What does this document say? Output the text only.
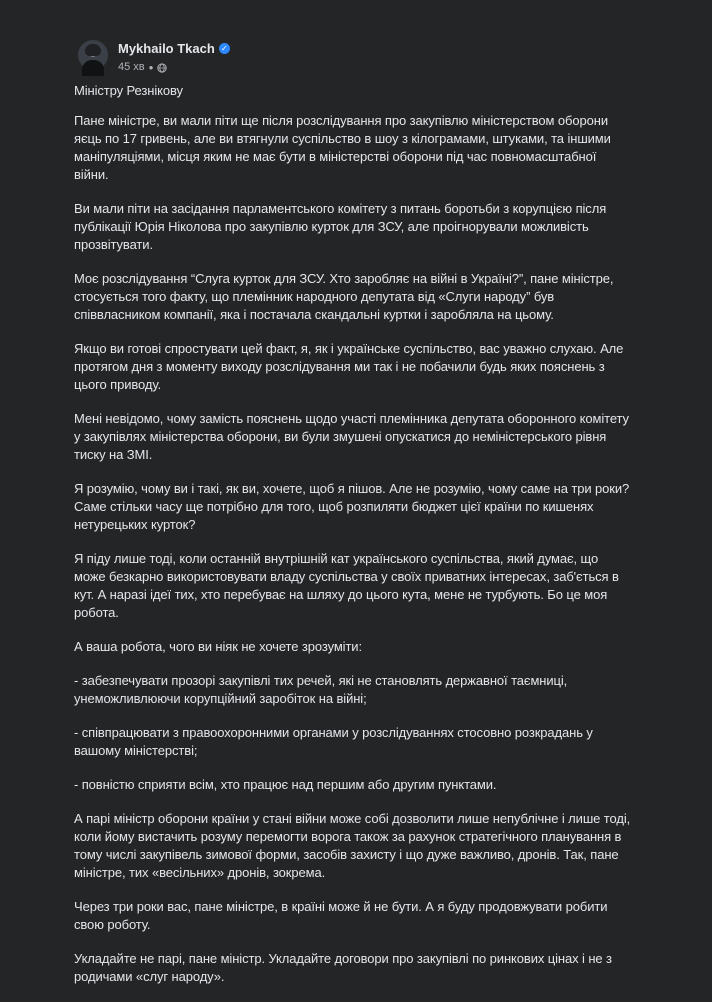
Mykhailo Tkach ✓
45 хв ●

Міністру Резнікову

Пане міністре, ви мали піти ще після розслідування про закупівлю міністерством оборони яєць по 17 гривень, але ви втягнули суспільство в шоу з кілограмами, штуками, та іншими маніпуляціями, місця яким не має бути в міністерстві оборони під час повномасштабної війни.

Ви мали піти на засідання парламентського комітету з питань боротьби з корупцією після публікації Юрія Ніколова про закупівлю курток для ЗСУ, але проігнорували можливість прозвітувати.

Моє розслідування “Слуга курток для ЗСУ. Хто заробляє на війні в Україні?”, пане міністре, стосується того факту, що племінник народного депутата від «Слуги народу” був співвласником компанії, яка і постачала скандальні куртки і заробляла на цьому.

Якщо ви готові спростувати цей факт, я, як і українське суспільство, вас уважно слухаю. Але протягом дня з моменту виходу розслідування ми так і не побачили будь яких пояснень з цього приводу.

Мені невідомо, чому замість пояснень щодо участі племінника депутата оборонного комітету у закупівлях міністерства оборони, ви були змушені опускатися до неміністерського рівня тиску на ЗМІ.

Я розумію, чому ви і такі, як ви, хочете, щоб я пішов. Але не розумію, чому саме на три роки? Саме стільки часу ще потрібно для того, щоб розпиляти бюджет цієї країни по кишенях нетурецьких курток?

Я піду лише тоді, коли останній внутрішній кат українського суспільства, який думає, що може безкарно використовувати владу суспільства у своїх приватних інтересах, заб'ється в кут. А наразі ідеї тих, хто перебуває на шляху до цього кута, мене не турбують. Бо це моя робота.

А ваша робота, чого ви ніяк не хочете зрозуміти:

- забезпечувати прозорі закупівлі тих речей, які не становлять державної таємниці, унеможливлюючи корупційний заробіток на війні;

- співпрацювати з правоохоронними органами у розслідуваннях стосовно розкрадань у вашому міністерстві;

- повністю сприяти всім, хто працює над першим або другим пунктами.

А парі міністр оборони країни у стані війни може собі дозволити лише непублічне і лише тоді, коли йому вистачить розуму перемогти ворога також за рахунок стратегічного планування в тому числі закупівель зимової форми, засобів захисту і що дуже важливо, дронів. Так, пане міністре, тих «весільних» дронів, зокрема.

Через три роки вас, пане міністре, в країні може й не бути. А я буду продовжувати робити свою роботу.

Укладайте не парі, пане міністр. Укладайте договори про закупівлі по ринкових цінах і не з родичами «слуг народу».
